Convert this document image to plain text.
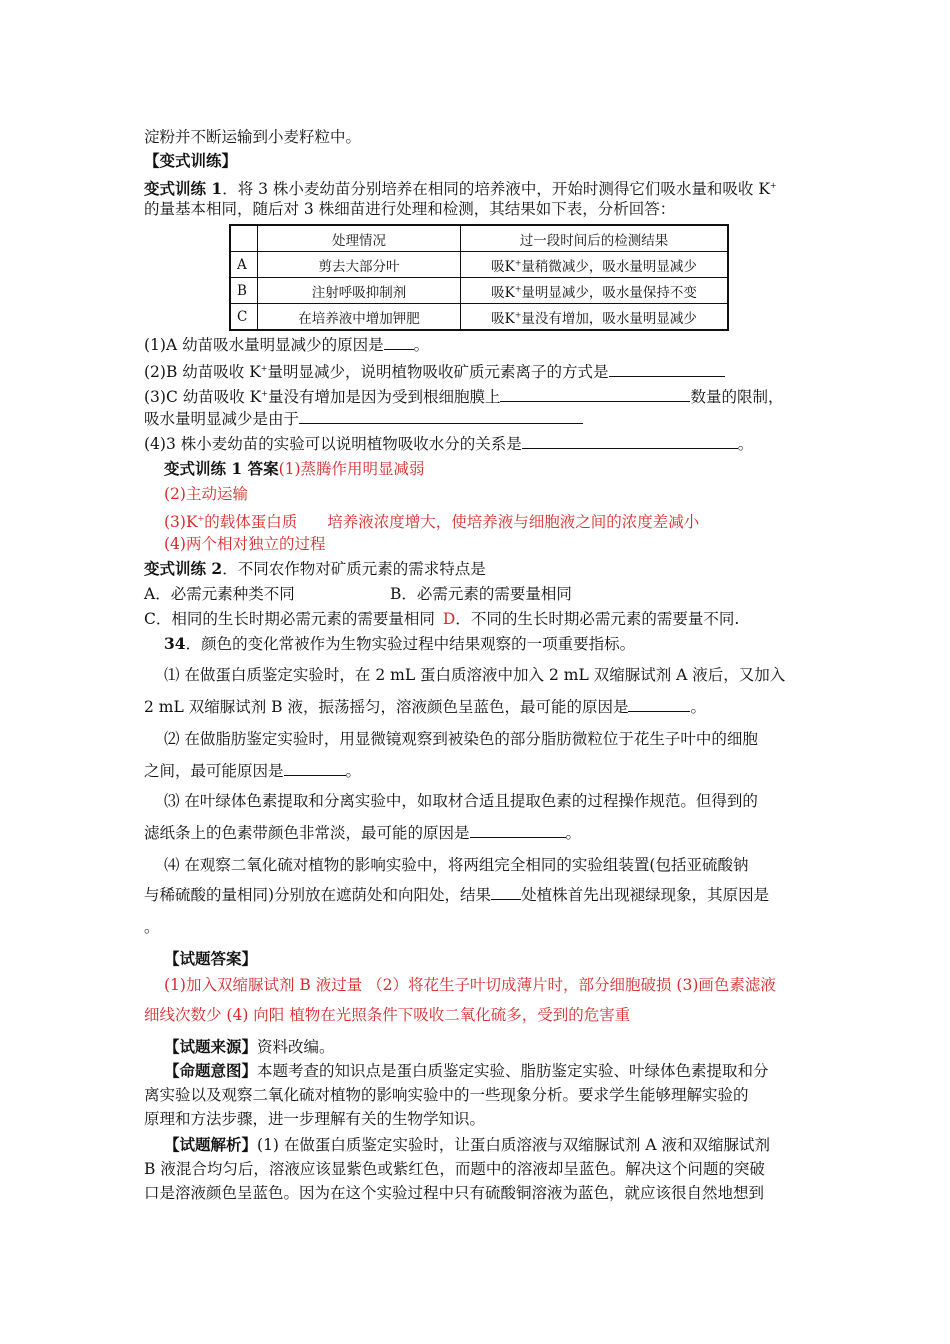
淀粉并不断运输到小麦籽粒中。
【变式训练】
变式训练 1．将 3 株小麦幼苗分别培养在相同的培养液中，开始时测得它们吸水量和吸收 K+
的量基本相同，随后对 3 株细苗进行处理和检测，其结果如下表，分析回答：
	处理情况	过一段时间后的检测结果
A	剪去大部分叶	吸K+量稍微减少，吸水量明显减少
B	注射呼吸抑制剂	吸K+量明显减少，吸水量保持不变
C	在培养液中增加钾肥	吸K+量没有增加，吸水量明显减少
(1)A 幼苗吸水量明显减少的原因是 。
(2)B 幼苗吸收 K+量明显减少，说明植物吸收矿质元素离子的方式是
(3)C 幼苗吸收 K+量没有增加是因为受到根细胞膜上	数量的限制，
吸水量明显减少是由于
(4)3 株小麦幼苗的实验可以说明植物吸收水分的关系是	。
变式训练 1 答案(1)蒸腾作用明显减弱
(2)主动运输
(3)K+的载体蛋白质 培养液浓度增大，使培养液与细胞液之间的浓度差减小
(4)两个相对独立的过程
变式训练 2．不同农作物对矿质元素的需求特点是
A．必需元素种类不同	B．必需元素的需要量相同
C．相同的生长时期必需元素的需要量相同 D．不同的生长时期必需元素的需要量不同.
34．颜色的变化常被作为生物实验过程中结果观察的一项重要指标。
⑴ 在做蛋白质鉴定实验时，在 2 mL 蛋白质溶液中加入 2 mL 双缩脲试剂 A 液后，又加入
2 mL 双缩脲试剂 B 液，振荡摇匀，溶液颜色呈蓝色，最可能的原因是	。
⑵ 在做脂肪鉴定实验时，用显微镜观察到被染色的部分脂肪微粒位于花生子叶中的细胞
之间，最可能原因是	。
⑶ 在叶绿体色素提取和分离实验中，如取材合适且提取色素的过程操作规范。但得到的
滤纸条上的色素带颜色非常淡，最可能的原因是	。
⑷ 在观察二氧化硫对植物的影响实验中，将两组完全相同的实验组装置(包括亚硫酸钠
与稀硫酸的量相同)分别放在遮荫处和向阳处，结果 处植株首先出现褪绿现象，其原因是
。
【试题答案】
(1)加入双缩脲试剂 B 液过量 （2）将花生子叶切成薄片时，部分细胞破损 (3)画色素滤液
细线次数少 (4) 向阳 植物在光照条件下吸收二氧化硫多，受到的危害重
【试题来源】资料改编。
【命题意图】本题考查的知识点是蛋白质鉴定实验、脂肪鉴定实验、叶绿体色素提取和分
离实验以及观察二氧化硫对植物的影响实验中的一些现象分析。要求学生能够理解实验的
原理和方法步骤，进一步理解有关的生物学知识。
【试题解析】(1) 在做蛋白质鉴定实验时，让蛋白质溶液与双缩脲试剂 A 液和双缩脲试剂
B 液混合均匀后，溶液应该显紫色或紫红色，而题中的溶液却呈蓝色。解决这个问题的突破
口是溶液颜色呈蓝色。因为在这个实验过程中只有硫酸铜溶液为蓝色，就应该很自然地想到
